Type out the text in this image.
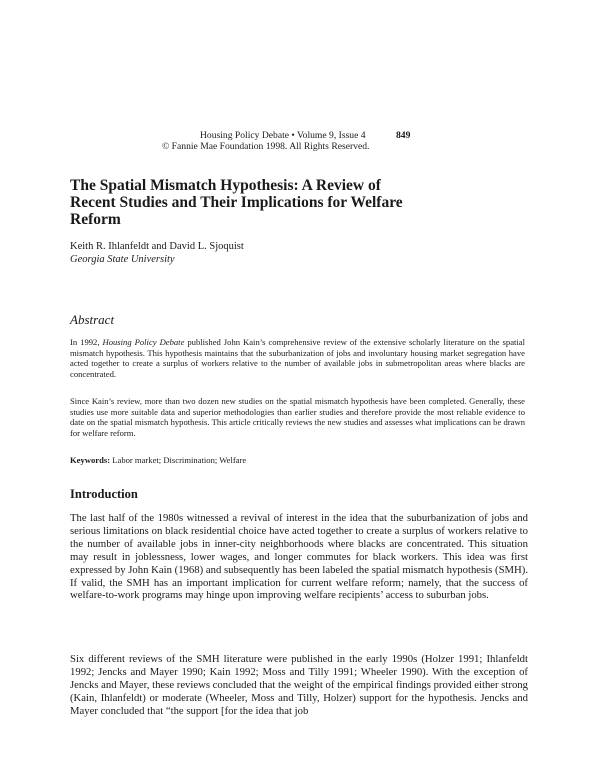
Housing Policy Debate • Volume 9, Issue 4	849
© Fannie Mae Foundation 1998. All Rights Reserved.
The Spatial Mismatch Hypothesis: A Review of Recent Studies and Their Implications for Welfare Reform
Keith R. Ihlanfeldt and David L. Sjoquist
Georgia State University
Abstract
In 1992, Housing Policy Debate published John Kain’s comprehensive review of the extensive scholarly literature on the spatial mismatch hypothesis. This hypothesis maintains that the suburbanization of jobs and involuntary housing market segregation have acted together to create a surplus of workers relative to the number of available jobs in submetropolitan areas where blacks are concentrated.
Since Kain’s review, more than two dozen new studies on the spatial mismatch hypothesis have been completed. Generally, these studies use more suitable data and superior methodologies than earlier studies and therefore provide the most reliable evidence to date on the spatial mismatch hypothesis. This article critically reviews the new studies and assesses what implications can be drawn for welfare reform.
Keywords: Labor market; Discrimination; Welfare
Introduction
The last half of the 1980s witnessed a revival of interest in the idea that the suburbanization of jobs and serious limitations on black residential choice have acted together to create a surplus of workers relative to the number of available jobs in inner-city neighborhoods where blacks are concentrated. This situation may result in joblessness, lower wages, and longer commutes for black workers. This idea was first expressed by John Kain (1968) and subsequently has been labeled the spatial mismatch hypothesis (SMH). If valid, the SMH has an important implication for current welfare reform; namely, that the success of welfare-to-work programs may hinge upon improving welfare recipients’ access to suburban jobs.
Six different reviews of the SMH literature were published in the early 1990s (Holzer 1991; Ihlanfeldt 1992; Jencks and Mayer 1990; Kain 1992; Moss and Tilly 1991; Wheeler 1990). With the exception of Jencks and Mayer, these reviews concluded that the weight of the empirical findings provided either strong (Kain, Ihlanfeldt) or moderate (Wheeler, Moss and Tilly, Holzer) support for the hypothesis. Jencks and Mayer concluded that “the support [for the idea that job
